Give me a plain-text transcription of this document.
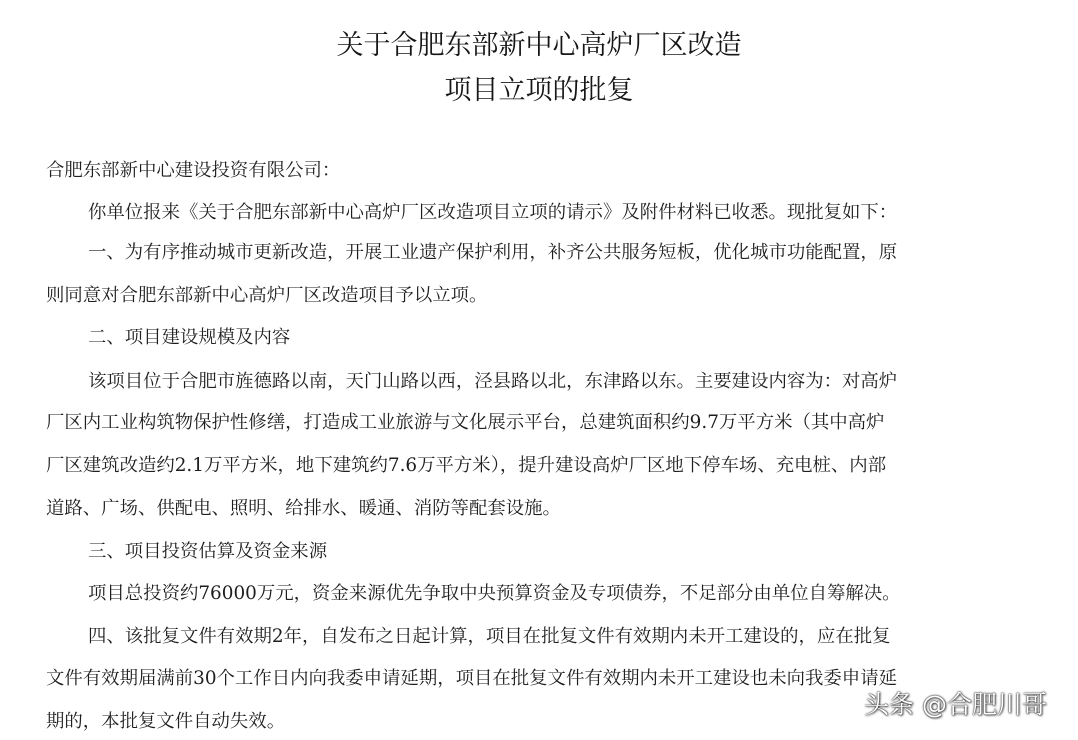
关于合肥东部新中心高炉厂区改造
项目立项的批复
合肥东部新中心建设投资有限公司：
你单位报来《关于合肥东部新中心高炉厂区改造项目立项的请示》及附件材料已收悉。现批复如下：
一、为有序推动城市更新改造，开展工业遗产保护利用，补齐公共服务短板，优化城市功能配置，原
则同意对合肥东部新中心高炉厂区改造项目予以立项。
二、项目建设规模及内容
该项目位于合肥市旌德路以南，天门山路以西，泾县路以北，东津路以东。主要建设内容为：对高炉
厂区内工业构筑物保护性修缮，打造成工业旅游与文化展示平台，总建筑面积约9.7万平方米（其中高炉
厂区建筑改造约2.1万平方米，地下建筑约7.6万平方米），提升建设高炉厂区地下停车场、充电桩、内部
道路、广场、供配电、照明、给排水、暖通、消防等配套设施。
三、项目投资估算及资金来源
项目总投资约76000万元，资金来源优先争取中央预算资金及专项债券，不足部分由单位自筹解决。
四、该批复文件有效期2年，自发布之日起计算，项目在批复文件有效期内未开工建设的，应在批复
文件有效期届满前30个工作日内向我委申请延期，项目在批复文件有效期内未开工建设也未向我委申请延
期的，本批复文件自动失效。
头条 @合肥川哥
